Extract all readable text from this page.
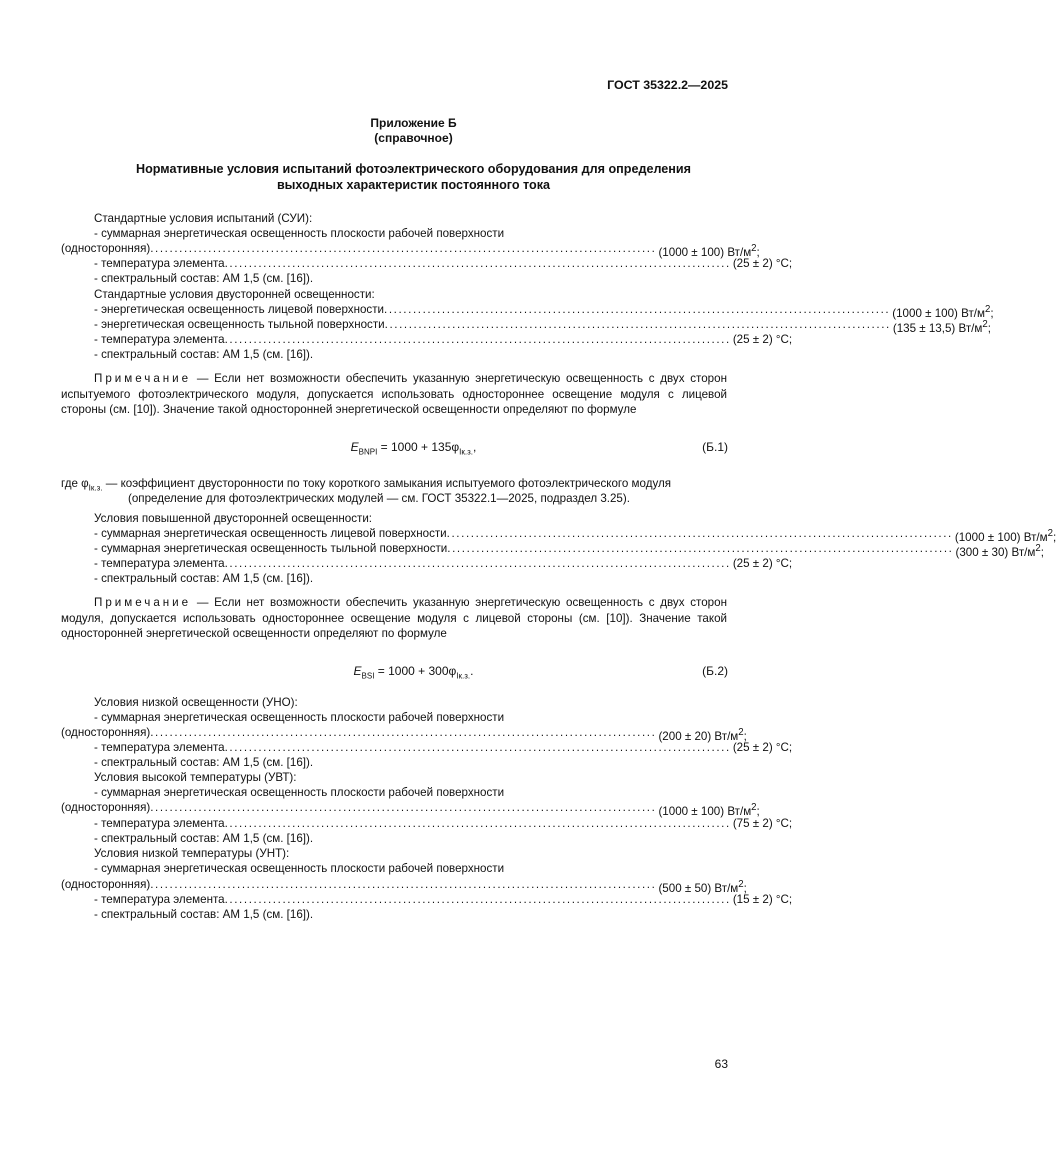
ГОСТ 35322.2—2025
Приложение Б
(справочное)
Нормативные условия испытаний фотоэлектрического оборудования для определения
выходных характеристик постоянного тока
Стандартные условия испытаний (СУИ):
- суммарная энергетическая освещенность плоскости рабочей поверхности
(односторонняя) ......................................................................................................... (1000 ± 100) $Вт/м^2$;
- температура элемента ......................................................................................................... (25 ± 2) °С;
- спектральный состав: АМ 1,5 (см. [16]).
Стандартные условия двусторонней освещенности:
- энергетическая освещенность лицевой поверхности ......................................................................................................... (1000 ± 100) $Вт/м^2$;
- энергетическая освещенность тыльной поверхности ......................................................................................................... (135 ± 13,5) $Вт/м^2$;
- температура элемента ......................................................................................................... (25 ± 2) °С;
- спектральный состав: АМ 1,5 (см. [16]).
Примечание — Если нет возможности обеспечить указанную энергетическую освещенность с двух сторон испытуемого фотоэлектрического модуля, допускается использовать одностороннее освещение модуля с лицевой стороны (см. [10]). Значение такой односторонней энергетической освещенности определяют по формуле
$E_{BNPI} = 1000 + 135\varphi_{Iк.з.}$,	(Б.1)
где $\varphi_{Iк.з.}$ — коэффициент двусторонности по току короткого замыкания испытуемого фотоэлектрического модуля
(определение для фотоэлектрических модулей — см. ГОСТ 35322.1—2025, подраздел 3.25).
Условия повышенной двусторонней освещенности:
- суммарная энергетическая освещенность лицевой поверхности ......................................................................................................... (1000 ± 100) $Вт/м^2$;
- суммарная энергетическая освещенность тыльной поверхности ......................................................................................................... (300 ± 30) $Вт/м^2$;
- температура элемента ......................................................................................................... (25 ± 2) °С;
- спектральный состав: АМ 1,5 (см. [16]).
Примечание — Если нет возможности обеспечить указанную энергетическую освещенность с двух сторон модуля, допускается использовать одностороннее освещение модуля с лицевой стороны (см. [10]). Значение такой односторонней энергетической освещенности определяют по формуле
$E_{BSI} = 1000 + 300\varphi_{Iк.з.}$.	(Б.2)
Условия низкой освещенности (УНО):
- суммарная энергетическая освещенность плоскости рабочей поверхности
(односторонняя) ......................................................................................................... (200 ± 20) $Вт/м^2$;
- температура элемента ......................................................................................................... (25 ± 2) °С;
- спектральный состав: АМ 1,5 (см. [16]).
Условия высокой температуры (УВТ):
- суммарная энергетическая освещенность плоскости рабочей поверхности
(односторонняя) ......................................................................................................... (1000 ± 100) $Вт/м^2$;
- температура элемента ......................................................................................................... (75 ± 2) °С;
- спектральный состав: АМ 1,5 (см. [16]).
Условия низкой температуры (УНТ):
- суммарная энергетическая освещенность плоскости рабочей поверхности
(односторонняя) ......................................................................................................... (500 ± 50) $Вт/м^2$;
- температура элемента ......................................................................................................... (15 ± 2) °С;
- спектральный состав: АМ 1,5 (см. [16]).
63
